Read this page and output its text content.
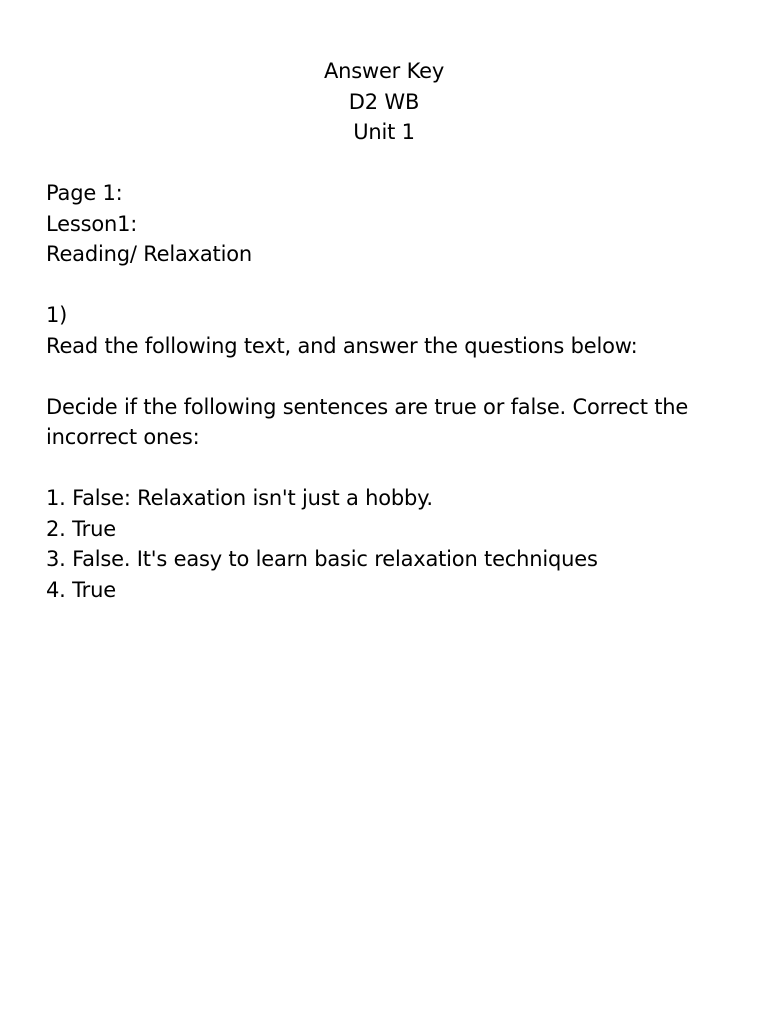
Answer Key
D2 WB
Unit 1
Page 1:
Lesson1:
Reading/ Relaxation
1)
Read the following text, and answer the questions below:
Decide if the following sentences are true or false. Correct the incorrect ones:
1. False: Relaxation isn't just a hobby.
2. True
3. False. It's easy to learn basic relaxation techniques
4. True
